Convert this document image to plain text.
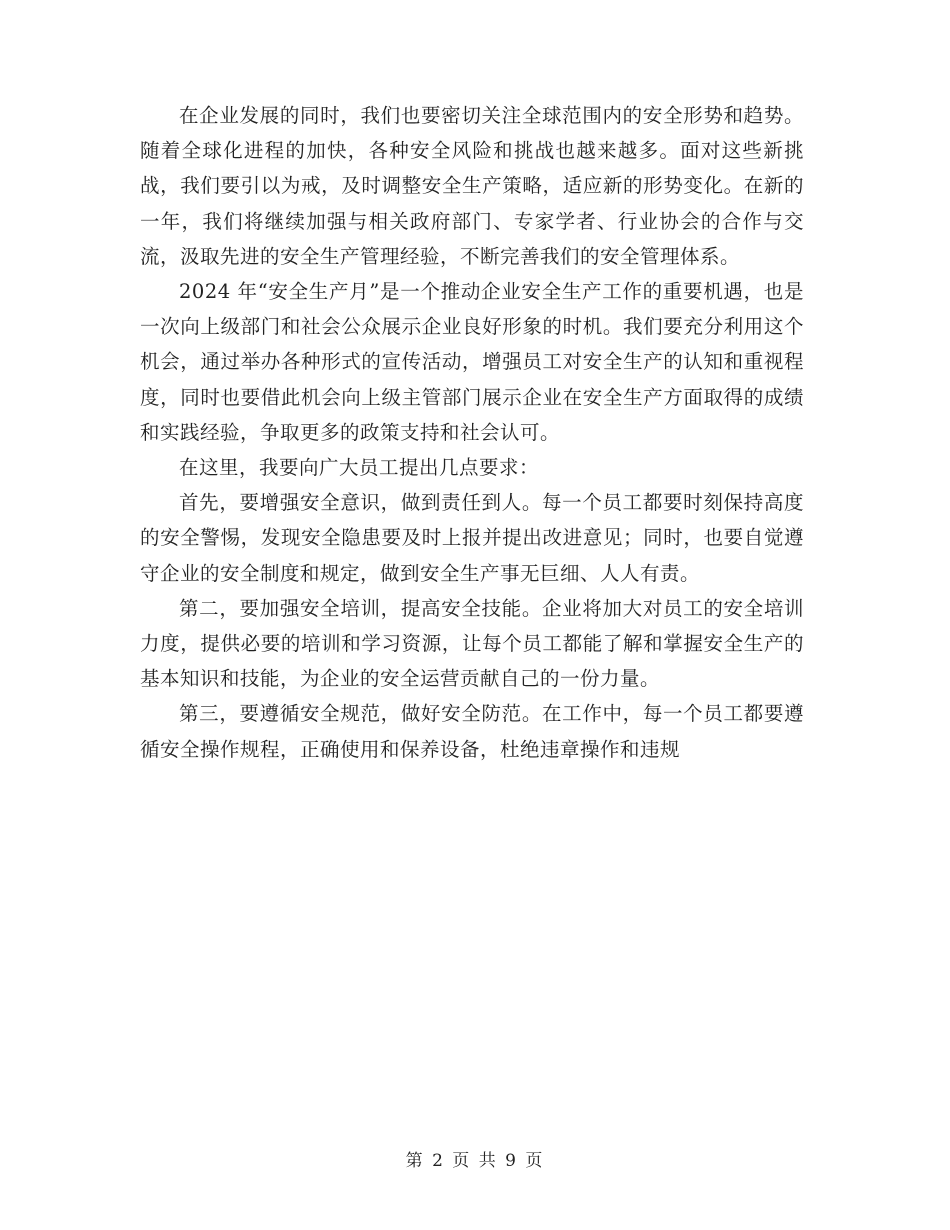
在企业发展的同时，我们也要密切关注全球范围内的安全形势和趋势。随着全球化进程的加快，各种安全风险和挑战也越来越多。面对这些新挑战，我们要引以为戒，及时调整安全生产策略，适应新的形势变化。在新的一年，我们将继续加强与相关政府部门、专家学者、行业协会的合作与交流，汲取先进的安全生产管理经验，不断完善我们的安全管理体系。

2024 年“安全生产月”是一个推动企业安全生产工作的重要机遇，也是一次向上级部门和社会公众展示企业良好形象的时机。我们要充分利用这个机会，通过举办各种形式的宣传活动，增强员工对安全生产的认知和重视程度，同时也要借此机会向上级主管部门展示企业在安全生产方面取得的成绩和实践经验，争取更多的政策支持和社会认可。

在这里，我要向广大员工提出几点要求：

首先，要增强安全意识，做到责任到人。每一个员工都要时刻保持高度的安全警惕，发现安全隐患要及时上报并提出改进意见；同时，也要自觉遵守企业的安全制度和规定，做到安全生产事无巨细、人人有责。

第二，要加强安全培训，提高安全技能。企业将加大对员工的安全培训力度，提供必要的培训和学习资源，让每个员工都能了解和掌握安全生产的基本知识和技能，为企业的安全运营贡献自己的一份力量。

第三，要遵循安全规范，做好安全防范。在工作中，每一个员工都要遵循安全操作规程，正确使用和保养设备，杜绝违章操作和违规

第 2 页 共 9 页
